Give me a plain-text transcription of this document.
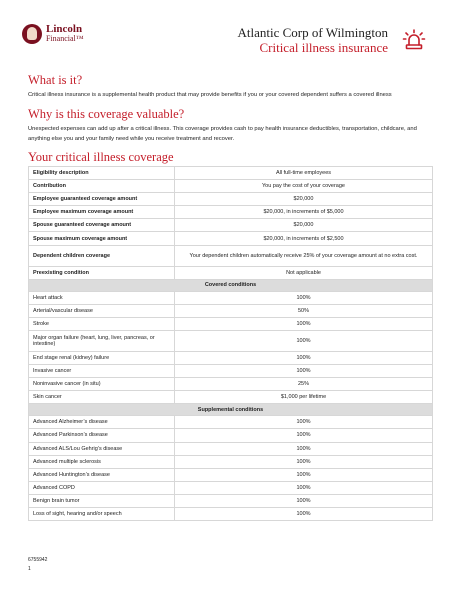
Lincoln
Financial™	Atlantic Corp of Wilmington
Critical illness insurance
What is it?
Critical illness insurance is a supplemental health product that may provide benefits if you or your covered dependent suffers a covered illness
Why is this coverage valuable?
Unexpected expenses can add up after a critical illness. This coverage provides cash to pay health insurance deductibles, transportation, childcare, and anything else you and your family need while you receive treatment and recover.
Your critical illness coverage
Eligibility description	All full-time employees
Contribution	You pay the cost of your coverage
Employee guaranteed coverage amount	$20,000
Employee maximum coverage amount	$20,000, in increments of $5,000
Spouse guaranteed coverage amount	$20,000
Spouse maximum coverage amount	$20,000, in increments of $2,500
Dependent children coverage	Your dependent children automatically receive 25% of your coverage amount at no extra cost.
Preexisting condition	Not applicable
Covered conditions	
Heart attack	100%
Arterial/vascular disease	50%
Stroke	100%
Major organ failure (heart, lung, liver, pancreas, or intestine)	100%
End stage renal (kidney) failure	100%
Invasive cancer	100%
Noninvasive cancer (in situ)	25%
Skin cancer	$1,000 per lifetime
Supplemental conditions	
Advanced Alzheimer’s disease	100%
Advanced Parkinson’s disease	100%
Advanced ALS/Lou Gehrig’s disease	100%
Advanced multiple sclerosis	100%
Advanced Huntington’s disease	100%
Advanced COPD	100%
Benign brain tumor	100%
Loss of sight, hearing and/or speech	100%
6755942
1
